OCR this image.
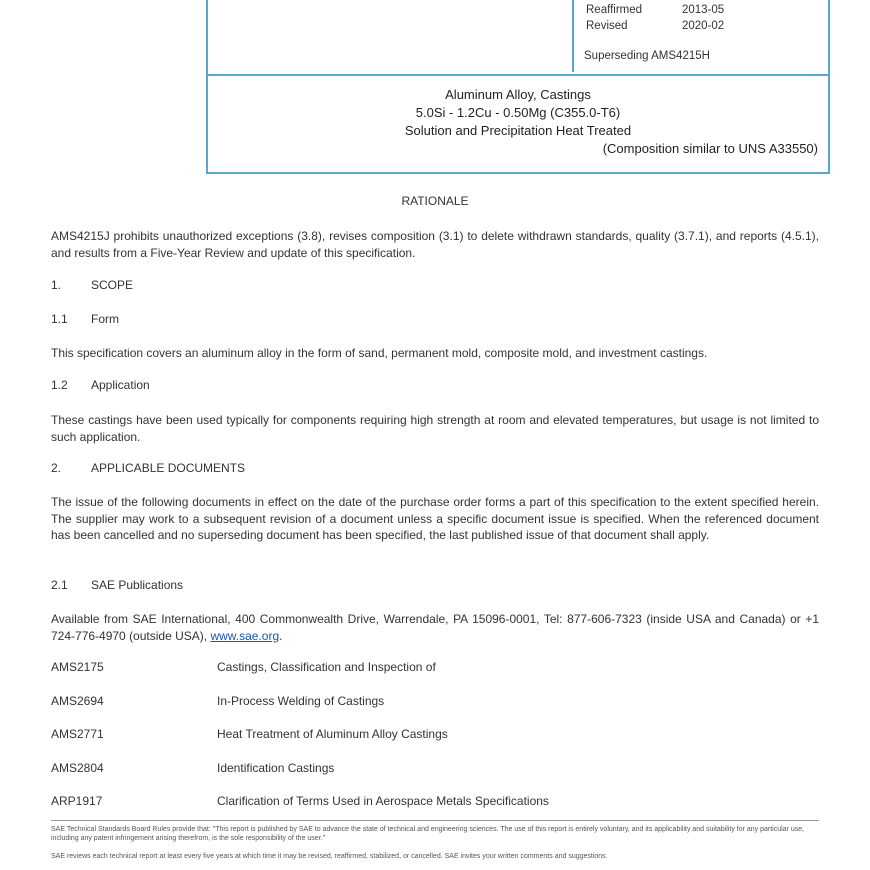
Reaffirmed	2013-05
Revised	2020-02
Superseding AMS4215H
Aluminum Alloy, Castings
5.0Si - 1.2Cu - 0.50Mg (C355.0-T6)
Solution and Precipitation Heat Treated
(Composition similar to UNS A33550)
RATIONALE
AMS4215J prohibits unauthorized exceptions (3.8), revises composition (3.1) to delete withdrawn standards, quality (3.7.1), and reports (4.5.1), and results from a Five-Year Review and update of this specification.
1. SCOPE
1.1 Form
This specification covers an aluminum alloy in the form of sand, permanent mold, composite mold, and investment castings.
1.2 Application
These castings have been used typically for components requiring high strength at room and elevated temperatures, but usage is not limited to such application.
2. APPLICABLE DOCUMENTS
The issue of the following documents in effect on the date of the purchase order forms a part of this specification to the extent specified herein. The supplier may work to a subsequent revision of a document unless a specific document issue is specified. When the referenced document has been cancelled and no superseding document has been specified, the last published issue of that document shall apply.
2.1 SAE Publications
Available from SAE International, 400 Commonwealth Drive, Warrendale, PA 15096-0001, Tel: 877-606-7323 (inside USA and Canada) or +1 724-776-4970 (outside USA), www.sae.org.
AMS2175	Castings, Classification and Inspection of
AMS2694	In-Process Welding of Castings
AMS2771	Heat Treatment of Aluminum Alloy Castings
AMS2804	Identification Castings
ARP1917	Clarification of Terms Used in Aerospace Metals Specifications
SAE Technical Standards Board Rules provide that: "This report is published by SAE to advance the state of technical and engineering sciences. The use of this report is entirely voluntary, and its applicability and suitability for any particular use, including any patent infringement arising therefrom, is the sole responsibility of the user."
SAE reviews each technical report at least every five years at which time it may be revised, reaffirmed, stabilized, or cancelled. SAE invites your written comments and suggestions.
